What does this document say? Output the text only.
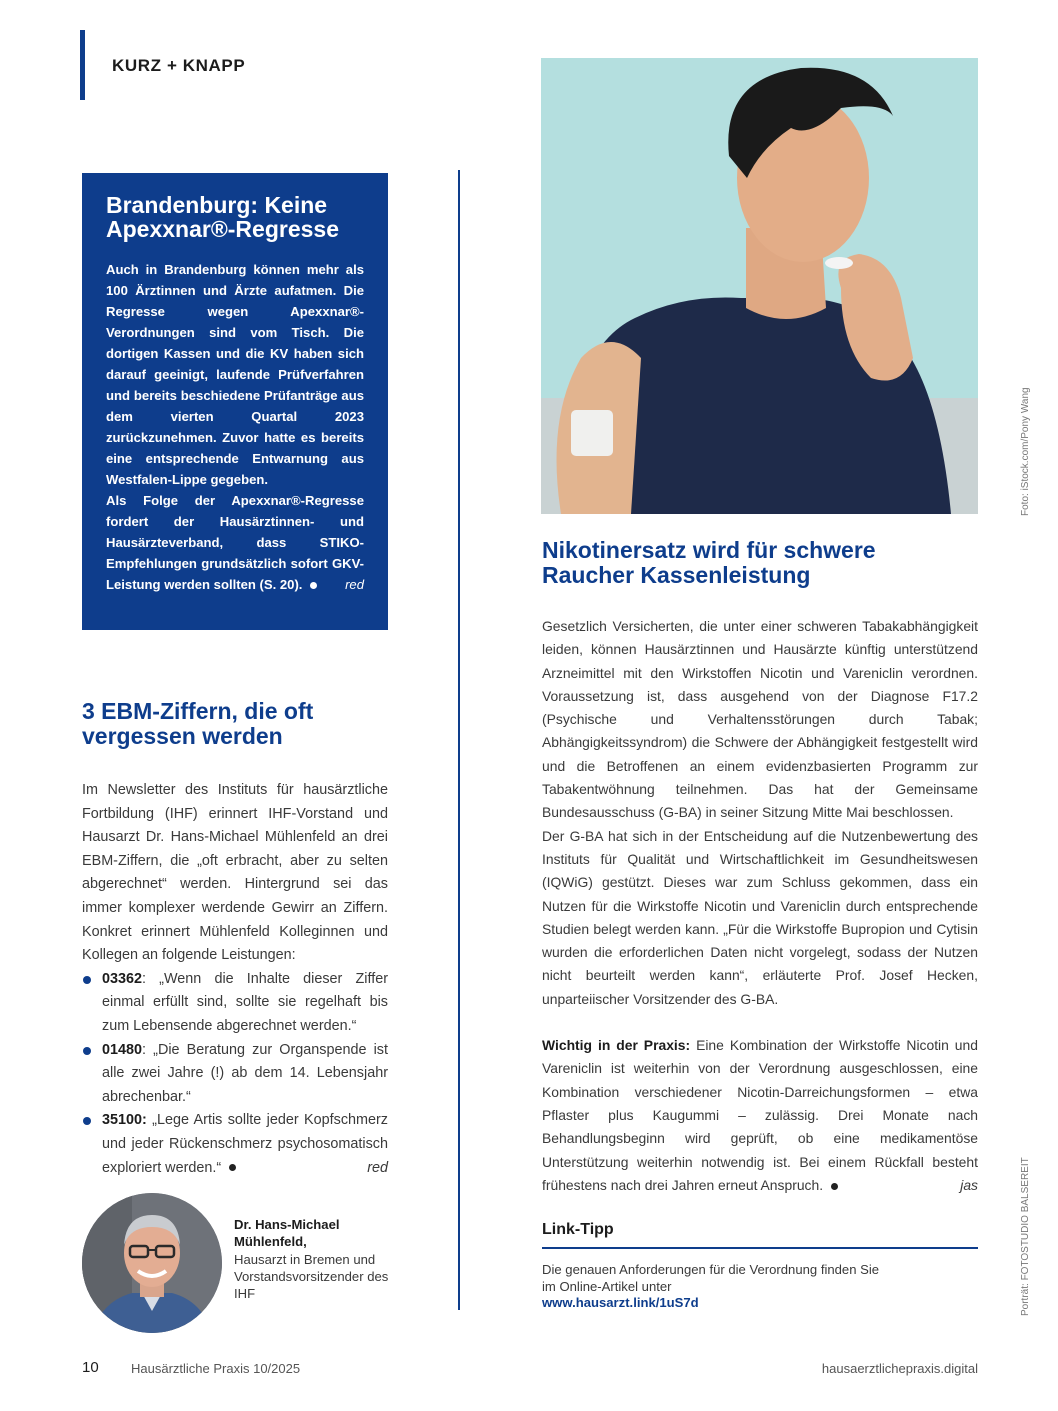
KURZ + KNAPP
Brandenburg: Keine Apexxnar®-Regresse

Auch in Brandenburg können mehr als 100 Ärztinnen und Ärzte aufatmen. Die Regresse wegen Apexxnar®-Verordnungen sind vom Tisch. Die dortigen Kassen und die KV haben sich darauf geeinigt, laufende Prüfverfahren und bereits beschiedene Prüfanträge aus dem vierten Quartal 2023 zurückzunehmen. Zuvor hatte es bereits eine entsprechende Entwarnung aus Westfalen-Lippe gegeben.

Als Folge der Apexxnar®-Regresse fordert der Hausärztinnen- und Hausärzteverband, dass STIKO-Empfehlungen grundsätzlich sofort GKV-Leistung werden sollten (S. 20).	red

3 EBM-Ziffern, die oft vergessen werden

Im Newsletter des Instituts für hausärztliche Fortbildung (IHF) erinnert IHF-Vorstand und Hausarzt Dr. Hans-Michael Mühlenfeld an drei EBM-Ziffern, die „oft erbracht, aber zu selten abgerechnet“ werden. Hintergrund sei das immer komplexer werdende Gewirr an Ziffern. Konkret erinnert Mühlenfeld Kolleginnen und Kollegen an folgende Leistungen:

03362: „Wenn die Inhalte dieser Ziffer einmal erfüllt sind, sollte sie regelhaft bis zum Lebensende abgerechnet werden.“
01480: „Die Beratung zur Organspende ist alle zwei Jahre (!) ab dem 14. Lebensjahr abrechenbar.“
35100: „Lege Artis sollte jeder Kopfschmerz und jeder Rückenschmerz psychosomatisch exploriert werden.“	red
Dr. Hans-Michael Mühlenfeld,
Hausarzt in Bremen und Vorstandsvorsitzender des IHF	Porträt: FOTOSTUDIO BALSEREIT
Foto: iStock.com/Pony Wang
Nikotinersatz wird für schwere Raucher Kassenleistung

Gesetzlich Versicherten, die unter einer schweren Tabakabhängigkeit leiden, können Hausärztinnen und Hausärzte künftig unterstützend Arzneimittel mit den Wirkstoffen Nicotin und Vareniclin verordnen. Voraussetzung ist, dass ausgehend von der Diagnose F17.2 (Psychische und Verhaltensstörungen durch Tabak; Abhängigkeitssyndrom) die Schwere der Abhängigkeit festgestellt wird und die Betroffenen an einem evidenzbasierten Programm zur Tabakentwöhnung teilnehmen. Das hat der Gemeinsame Bundesausschuss (G-BA) in seiner Sitzung Mitte Mai beschlossen.

Der G-BA hat sich in der Entscheidung auf die Nutzenbewertung des Instituts für Qualität und Wirtschaftlichkeit im Gesundheitswesen (IQWiG) gestützt. Dieses war zum Schluss gekommen, dass ein Nutzen für die Wirkstoffe Nicotin und Vareniclin durch entsprechende Studien belegt werden kann. „Für die Wirkstoffe Bupropion und Cytisin wurden die erforderlichen Daten nicht vorgelegt, sodass der Nutzen nicht beurteilt werden kann“, erläuterte Prof. Josef Hecken, unparteiischer Vorsitzender des G-BA.

Wichtig in der Praxis: Eine Kombination der Wirkstoffe Nicotin und Vareniclin ist weiterhin von der Verordnung ausgeschlossen, eine Kombination verschiedener Nicotin-Darreichungsformen – etwa Pflaster plus Kaugummi – zulässig. Drei Monate nach Behandlungsbeginn wird geprüft, ob eine medikamentöse Unterstützung weiterhin notwendig ist. Bei einem Rückfall besteht frühestens nach drei Jahren erneut Anspruch.	jas

Link-Tipp
Die genauen Anforderungen für die Verordnung finden Sie im Online-Artikel unter
www.hausarzt.link/1uS7d
10 Hausärztliche Praxis 10/2025	hausaerztlichepraxis.digital
